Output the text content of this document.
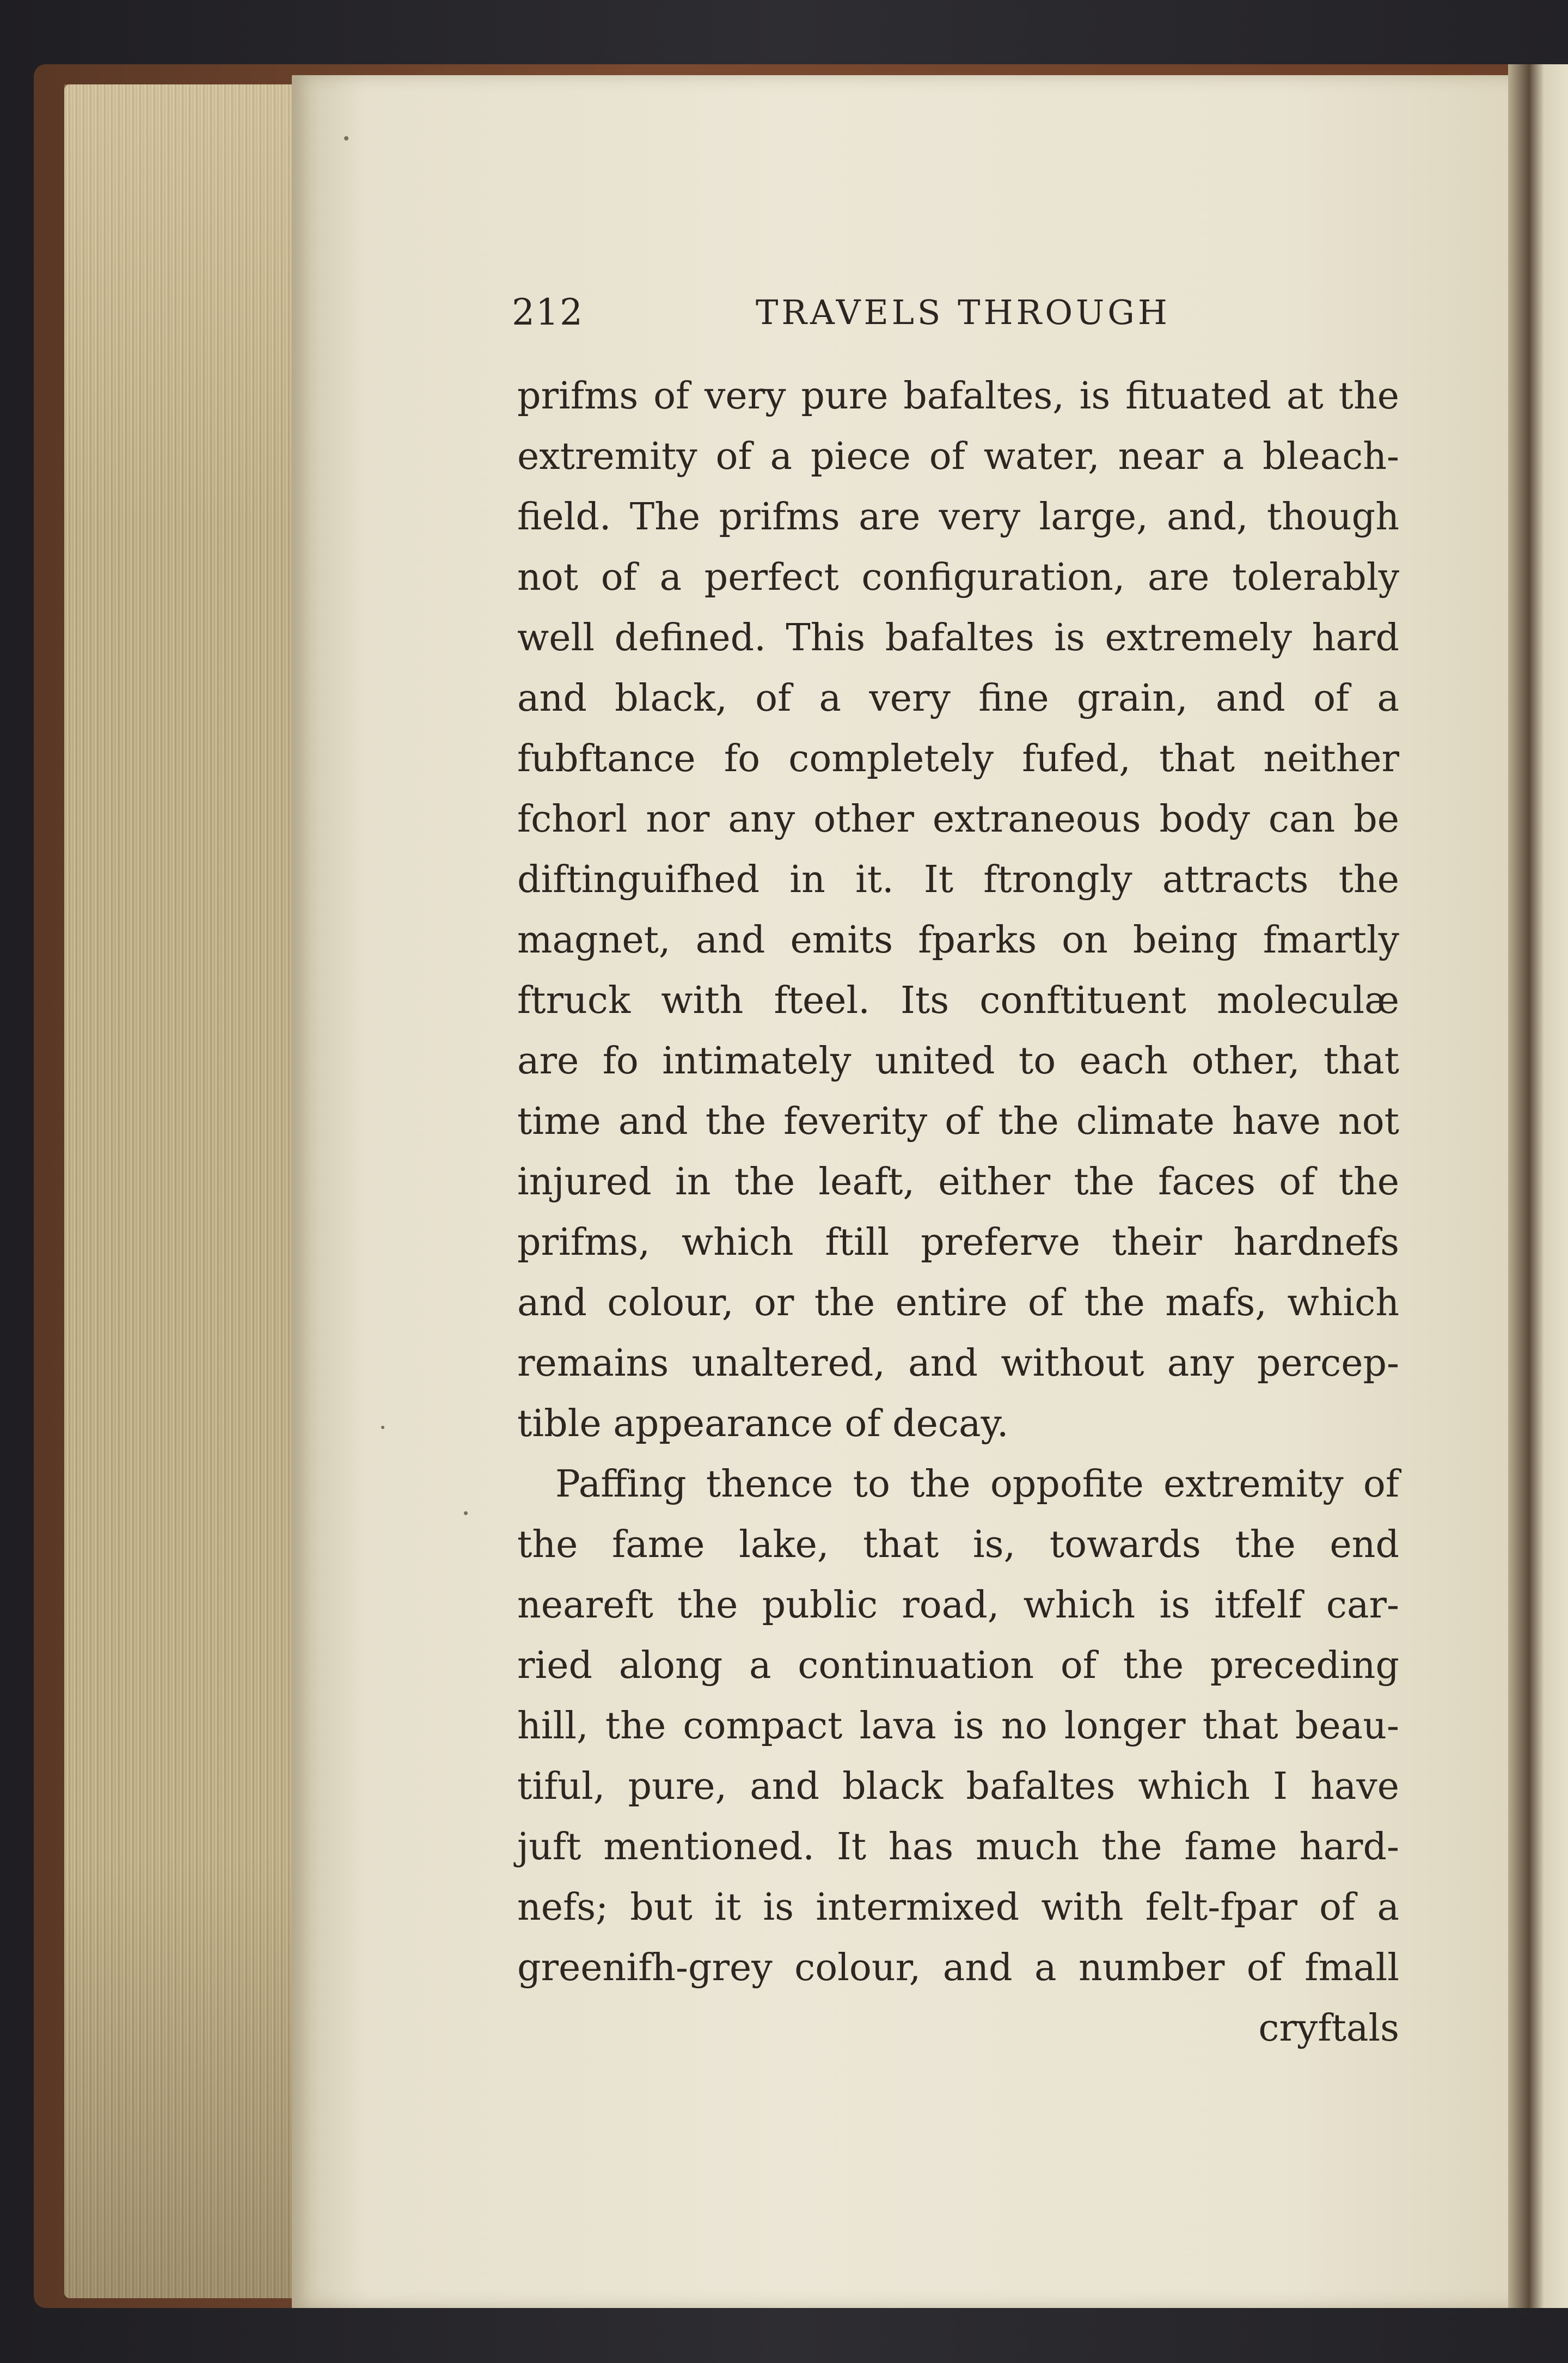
212	TRAVELS THROUGH
prifms of very pure bafaltes, is fituated at the
extremity of a piece of water, near a bleach-
field. The prifms are very large, and, though
not of a perfect configuration, are tolerably
well defined. This bafaltes is extremely hard
and black, of a very fine grain, and of a
fubftance fo completely fufed, that neither
fchorl nor any other extraneous body can be
diftinguifhed in it. It ftrongly attracts the
magnet, and emits fparks on being fmartly
ftruck with fteel. Its conftituent moleculæ
are fo intimately united to each other, that
time and the feverity of the climate have not
injured in the leaft, either the faces of the
prifms, which ftill preferve their hardnefs
and colour, or the entire of the mafs, which
remains unaltered, and without any percep-
tible appearance of decay.
Paffing thence to the oppofite extremity of
the fame lake, that is, towards the end
neareft the public road, which is itfelf car-
ried along a continuation of the preceding
hill, the compact lava is no longer that beau-
tiful, pure, and black bafaltes which I have
juft mentioned. It has much the fame hard-
nefs; but it is intermixed with felt-fpar of a
greenifh-grey colour, and a number of fmall
cryftals
